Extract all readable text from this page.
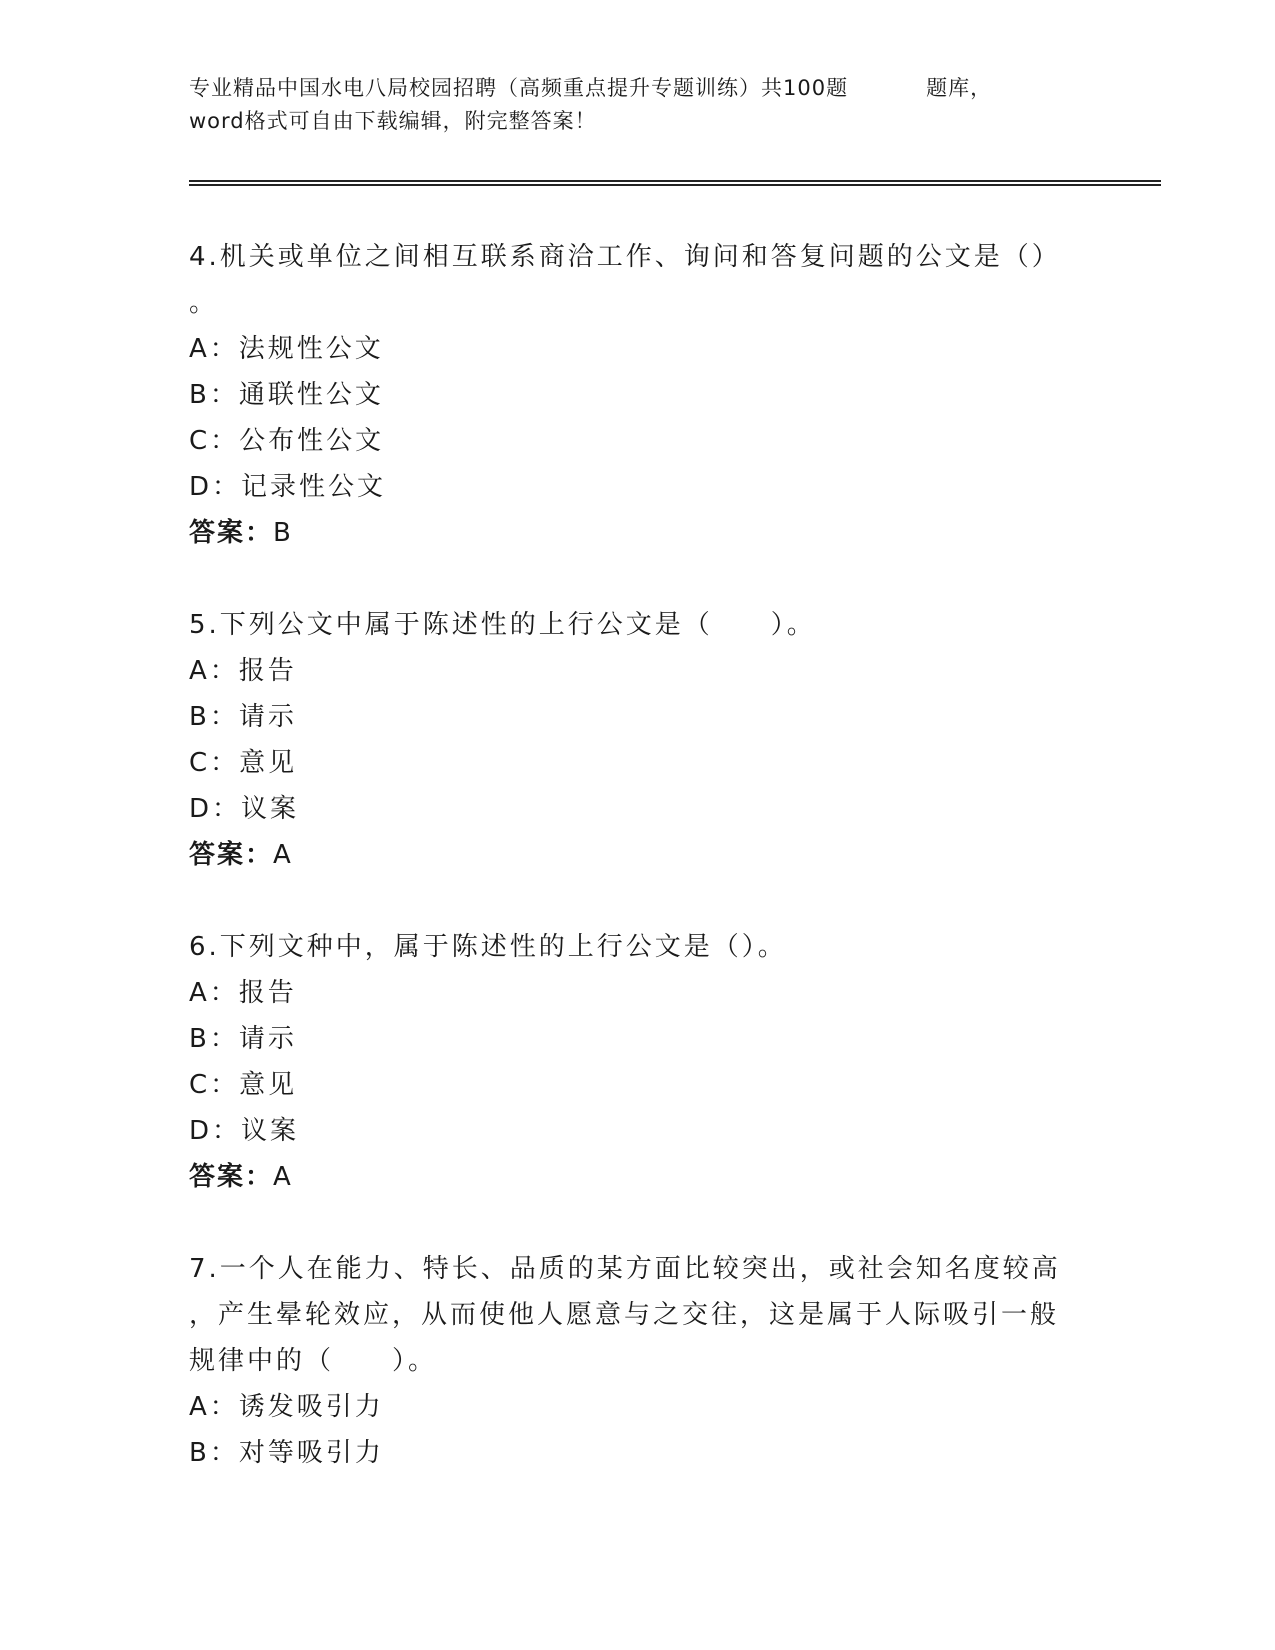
专业精品中国水电八局校园招聘（高频重点提升专题训练）共100题	题库，
word格式可自由下载编辑，附完整答案！
4.机关或单位之间相互联系商洽工作、询问和答复问题的公文是（）
。
A：法规性公文
B：通联性公文
C：公布性公文
D：记录性公文
答案：B
5.下列公文中属于陈述性的上行公文是（　　）。
A：报告
B：请示
C：意见
D：议案
答案：A
6.下列文种中，属于陈述性的上行公文是（）。
A：报告
B：请示
C：意见
D：议案
答案：A
7.一个人在能力、特长、品质的某方面比较突出，或社会知名度较高
，产生晕轮效应，从而使他人愿意与之交往，这是属于人际吸引一般
规律中的（　　）。
A：诱发吸引力
B：对等吸引力
